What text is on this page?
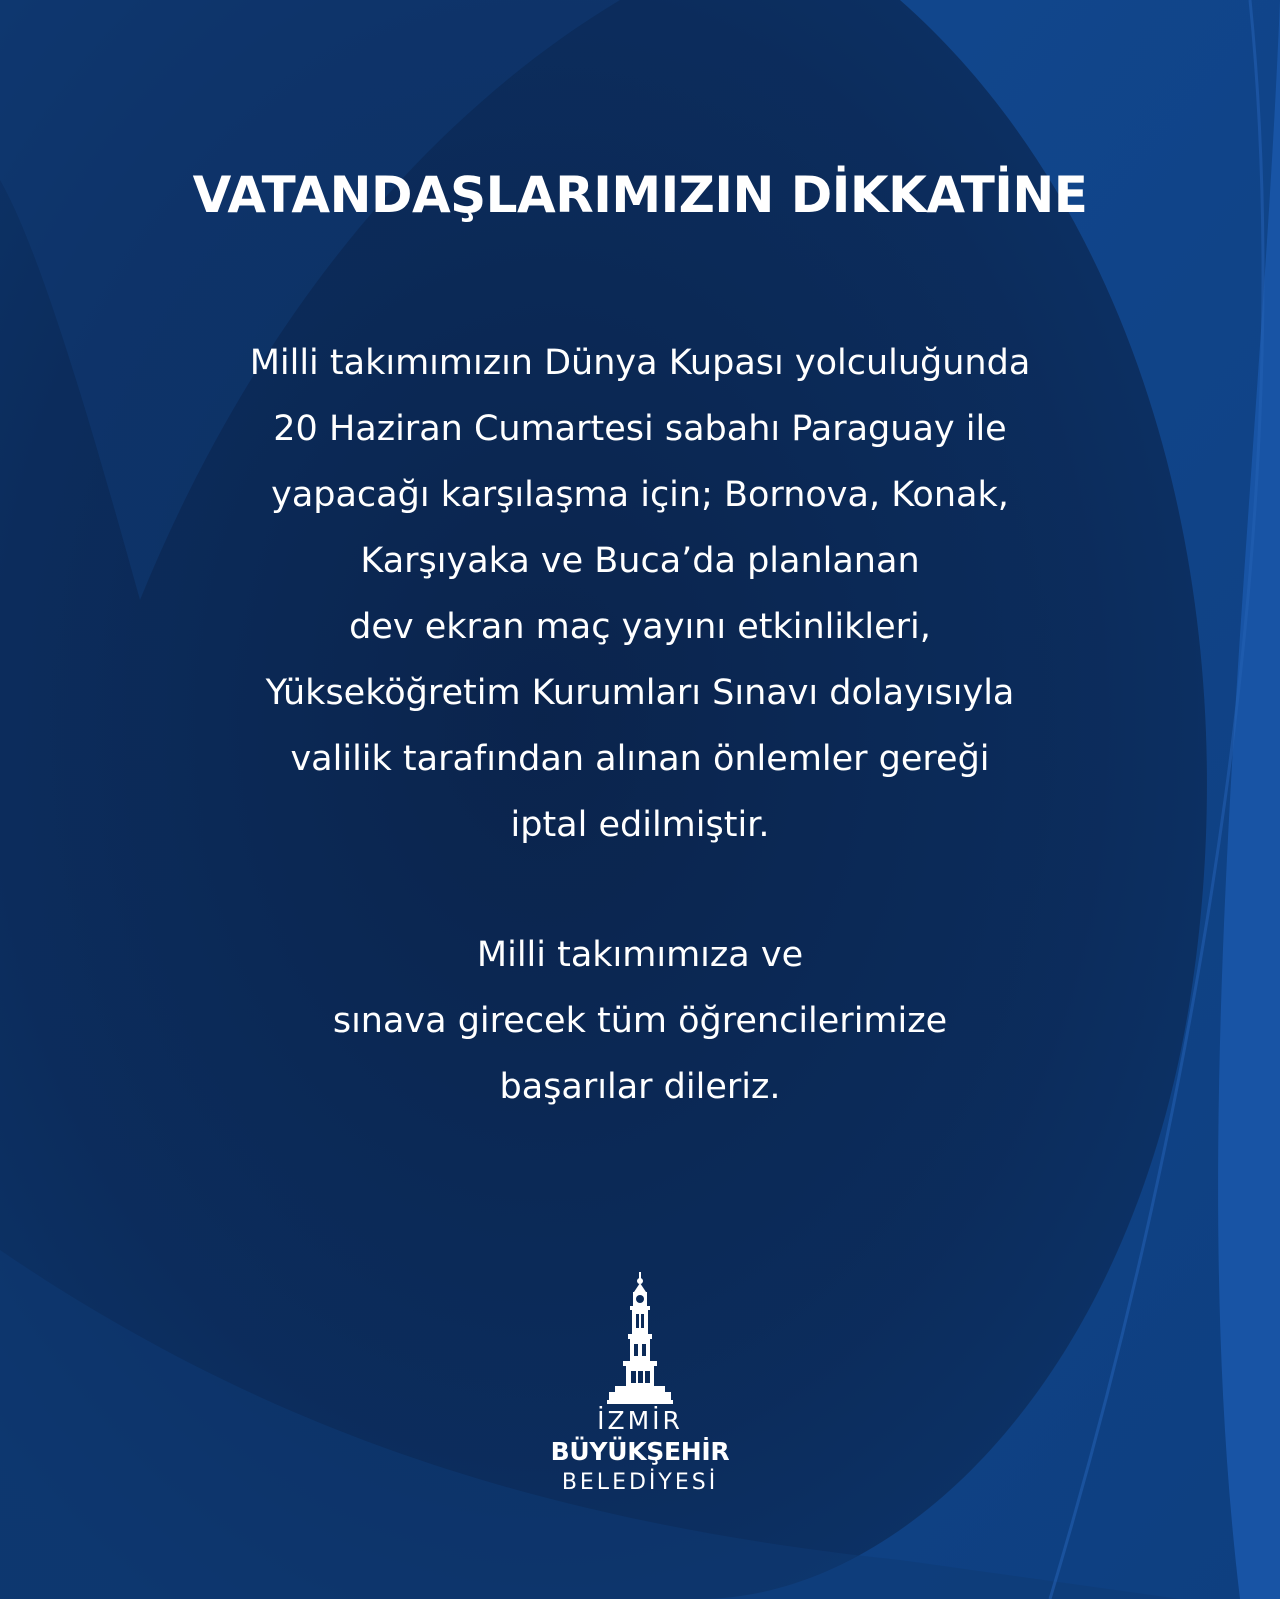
VATANDAŞLARIMIZIN DİKKATİNE

Milli takımımızın Dünya Kupası yolculuğunda
20 Haziran Cumartesi sabahı Paraguay ile
yapacağı karşılaşma için; Bornova, Konak,
Karşıyaka ve Buca’da planlanan
dev ekran maç yayını etkinlikleri,
Yükseköğretim Kurumları Sınavı dolayısıyla
valilik tarafından alınan önlemler gereği
iptal edilmiştir.

Milli takımımıza ve
sınava girecek tüm öğrencilerimize
başarılar dileriz.

İZMİR
BÜYÜKŞEHİR
BELEDİYESİ
